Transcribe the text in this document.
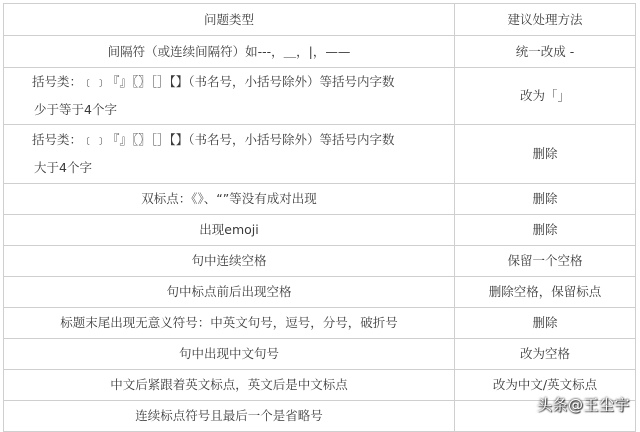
问题类型	建议处理方法
间隔符（或连续间隔符）如---，＿，|，——	统一改成 -
括号类：﹝﹞『』〖〗［］【】（书名号，小括号除外）等括号内字数
少于等于4个字	改为「」
括号类：﹝﹞『』〖〗［］【】（书名号，小括号除外）等括号内字数
大于4个字	删除
双标点：《》、“”等没有成对出现	删除
出现emoji	删除
句中连续空格	保留一个空格
句中标点前后出现空格	删除空格，保留标点
标题末尾出现无意义符号：中英文句号，逗号，分号，破折号	删除
句中出现中文句号	改为空格
中文后紧跟着英文标点，英文后是中文标点	改为中文/英文标点
连续标点符号且最后一个是省略号	
头条@王尘宇
